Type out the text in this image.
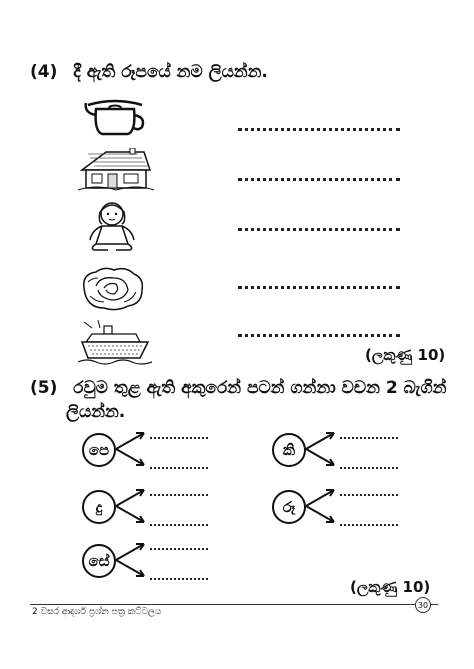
(4) දී ඇති රූපයේ නම ලියන්න.
(ලකුණු 10)
(5) රවුම තුළ ඇති අකුරෙන් පටන් ගන්නා වචන 2 බැගින්
ලියන්න.
පෙ	කි
දු	රූ
සේ
(ලකුණු 10)
2 වසර ආදර්ශ ප්‍රශ්න පත්‍ර කට්ටලය
30
